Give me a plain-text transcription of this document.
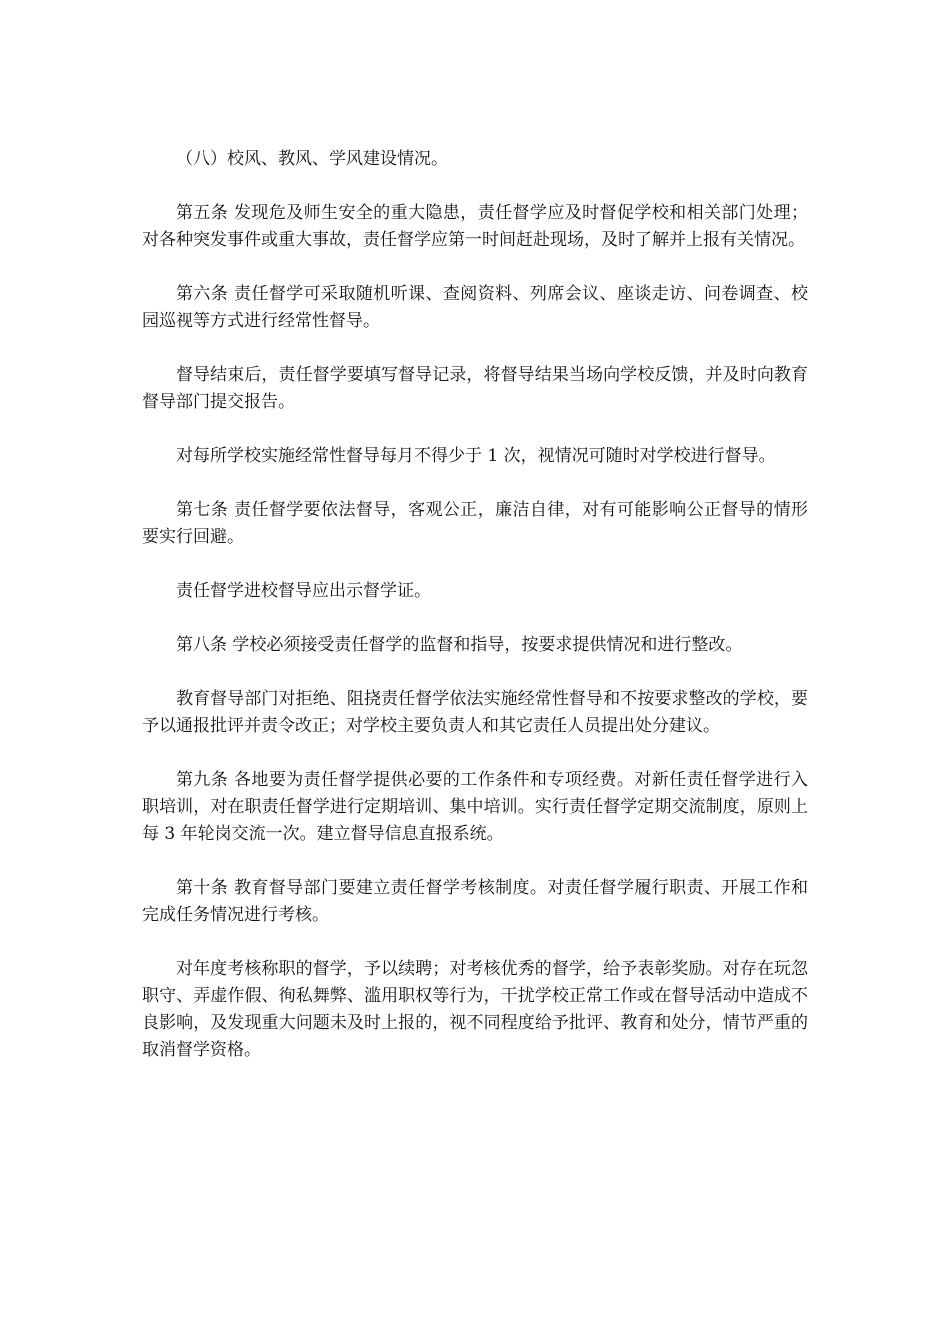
（八）校风、教风、学风建设情况。

第五条 发现危及师生安全的重大隐患，责任督学应及时督促学校和相关部门处理；对各种突发事件或重大事故，责任督学应第一时间赶赴现场，及时了解并上报有关情况。

第六条 责任督学可采取随机听课、查阅资料、列席会议、座谈走访、问卷调查、校园巡视等方式进行经常性督导。

督导结束后，责任督学要填写督导记录，将督导结果当场向学校反馈，并及时向教育督导部门提交报告。

对每所学校实施经常性督导每月不得少于 1 次，视情况可随时对学校进行督导。

第七条 责任督学要依法督导，客观公正，廉洁自律，对有可能影响公正督导的情形要实行回避。

责任督学进校督导应出示督学证。

第八条 学校必须接受责任督学的监督和指导，按要求提供情况和进行整改。

教育督导部门对拒绝、阻挠责任督学依法实施经常性督导和不按要求整改的学校，要予以通报批评并责令改正；对学校主要负责人和其它责任人员提出处分建议。

第九条 各地要为责任督学提供必要的工作条件和专项经费。对新任责任督学进行入职培训，对在职责任督学进行定期培训、集中培训。实行责任督学定期交流制度，原则上每 3 年轮岗交流一次。建立督导信息直报系统。

第十条 教育督导部门要建立责任督学考核制度。对责任督学履行职责、开展工作和完成任务情况进行考核。

对年度考核称职的督学，予以续聘；对考核优秀的督学，给予表彰奖励。对存在玩忽职守、弄虚作假、徇私舞弊、滥用职权等行为，干扰学校正常工作或在督导活动中造成不良影响，及发现重大问题未及时上报的，视不同程度给予批评、教育和处分，情节严重的取消督学资格。
